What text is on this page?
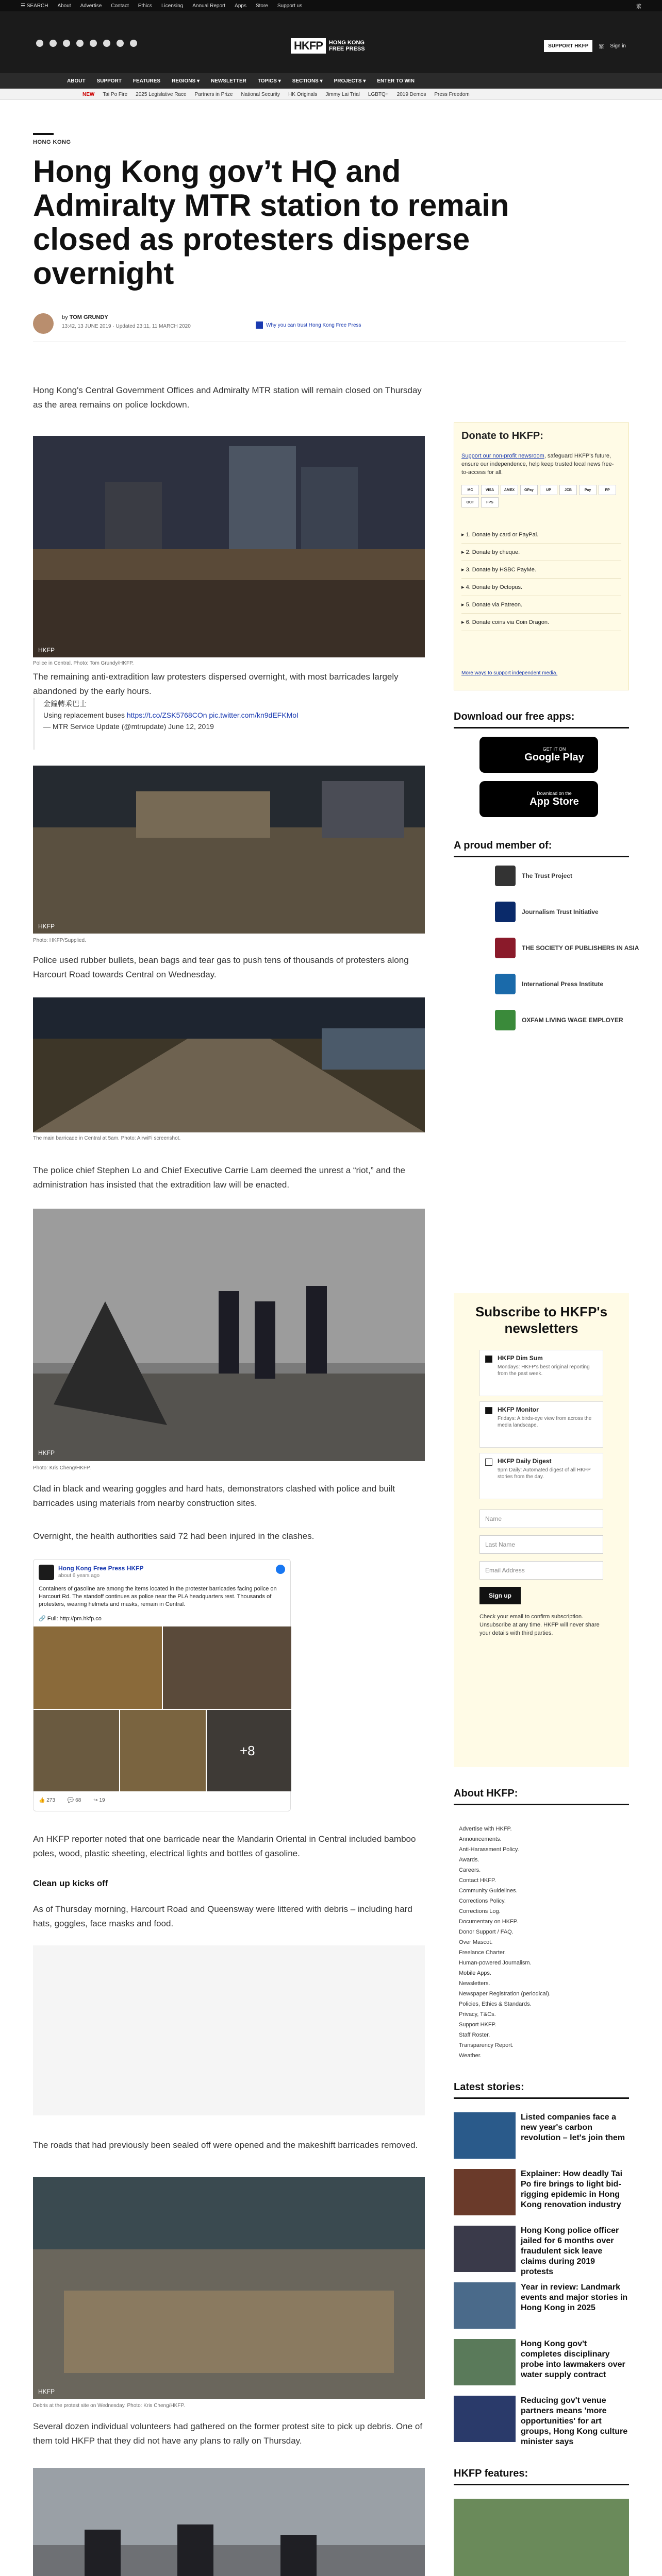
☰ SEARCH About Advertise Contact Ethics Licensing Annual Report Apps Store Support us	繁
HKFP	HONG KONG
FREE PRESS	SUPPORT HKFP	繁 Sign in
ABOUT SUPPORT FEATURES REGIONS ▾ NEWSLETTER TOPICS ▾ SECTIONS ▾ PROJECTS ▾ ENTER TO WIN
NEW Tai Po Fire 2025 Legislative Race Partners in Prize National Security HK Originals Jimmy Lai Trial LGBTQ+ 2019 Demos Press Freedom
HONG KONG
Hong Kong gov’t HQ and Admiralty MTR station to remain closed as protesters disperse overnight
by TOM GRUNDY
13:42, 13 JUNE 2019 · Updated 23:11, 11 MARCH 2020	Why you can trust Hong Kong Free Press

Hong Kong's Central Government Offices and Admiralty MTR station will remain closed on Thursday as the area remains on police lockdown.

HKFP
Police in Central. Photo: Tom Grundy/HKFP.

The remaining anti-extradition law protesters dispersed overnight, with most barricades largely abandoned by the early hours.

金鐘轉乘巴士
Using replacement buses https://t.co/ZSK5768COn pic.twitter.com/kn9dEFKMoI
— MTR Service Update (@mtrupdate) June 12, 2019
HKFP
Photo: HKFP/Supplied.

Police used rubber bullets, bean bags and tear gas to push tens of thousands of protesters along Harcourt Road towards Central on Wednesday.

The main barricade in Central at 5am. Photo: AirwiFi screenshot.

The police chief Stephen Lo and Chief Executive Carrie Lam deemed the unrest a “riot,” and the administration has insisted that the extradition law will be enacted.

HKFP
Photo: Kris Cheng/HKFP.

Clad in black and wearing goggles and hard hats, demonstrators clashed with police and built barricades using materials from nearby construction sites.

Overnight, the health authorities said 72 had been injured in the clashes.

Hong Kong Free Press HKFP
about 6 years ago
Containers of gasoline are among the items located in the protester barricades facing police on Harcourt Rd. The standoff continues as police near the PLA headquarters rest. Thousands of protesters, wearing helmets and masks, remain in Central.
🔗 Full: http://pm.hkfp.co
+8
👍 273 💬 68 ↪ 19

An HKFP reporter noted that one barricade near the Mandarin Oriental in Central included bamboo poles, wood, plastic sheeting, electrical lights and bottles of gasoline.

Clean up kicks off

As of Thursday morning, Harcourt Road and Queensway were littered with debris – including hard hats, goggles, face masks and food.

The roads that had previously been sealed off were opened and the makeshift barricades removed.

HKFP
Debris at the protest site on Wednesday. Photo: Kris Cheng/HKFP.

Several dozen individual volunteers had gathered on the former protest site to pick up debris. One of them told HKFP that they did not have any plans to rally on Thursday.

Donate to HKFP:
Support our non-profit newsroom, safeguard HKFP's future, ensure our independence, help keep trusted local news free-to-access for all.
MC	VISA	AMEX	GPay	UP	JCB	Pay	PP
OCT	FPS
▸ 1. Donate by card or PayPal.
▸ 2. Donate by cheque.
▸ 3. Donate by HSBC PayMe.
▸ 4. Donate by Octopus.
▸ 5. Donate via Patreon.
▸ 6. Donate coins via Coin Dragon.
More ways to support independent media.
Download our free apps:
GET IT ON
Google Play
Download on the
App Store
A proud member of:
The Trust Project
Journalism Trust Initiative
THE SOCIETY OF PUBLISHERS IN ASIA
International Press Institute
OXFAM LIVING WAGE EMPLOYER
Subscribe to HKFP's newsletters
HKFP Dim Sum
Mondays: HKFP's best original reporting from the past week.
HKFP Monitor
Fridays: A birds-eye view from across the media landscape.
HKFP Daily Digest
9pm Daily: Automated digest of all HKFP stories from the day.
Name
Last Name
Email Address
Sign up
Check your email to confirm subscription. Unsubscribe at any time. HKFP will never share your details with third parties.
About HKFP:
Advertise with HKFP.
Announcements.
Anti-Harassment Policy.
Awards.
Careers.
Contact HKFP.
Community Guidelines.
Corrections Policy.
Corrections Log.
Documentary on HKFP.
Donor Support / FAQ.
Over Mascot.
Freelance Charter.
Human-powered Journalism.
Mobile Apps.
Newsletters.
Newspaper Registration (periodical).
Policies, Ethics & Standards.
Privacy, T&Cs.
Support HKFP.
Staff Roster.
Transparency Report.
Weather.
Latest stories:
Listed companies face a new year's carbon revolution – let's join them
Explainer: How deadly Tai Po fire brings to light bid-rigging epidemic in Hong Kong renovation industry
Hong Kong police officer jailed for 6 months over fraudulent sick leave claims during 2019 protests
Year in review: Landmark events and major stories in Hong Kong in 2025
Hong Kong gov't completes disciplinary probe into lawmakers over water supply contract
Reducing gov't venue partners means 'more opportunities' for art groups, Hong Kong culture minister says
HKFP features:
